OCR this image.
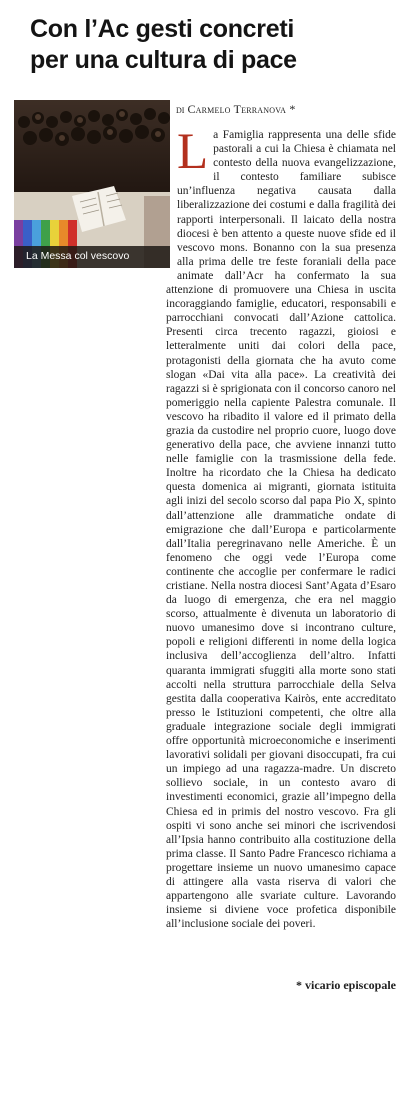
Con l’Ac gesti concreti
per una cultura di pace
La Messa col vescovo
di Carmelo Terranova *
L a Famiglia rappresenta una delle sfide pastorali a cui la Chiesa è chiamata nel contesto della nuova evangelizzazione, il contesto familiare subisce un’influenza negativa causata dalla liberalizzazione dei costumi e dalla fragilità dei rapporti interpersonali. Il laicato della nostra diocesi è ben attento a queste nuove sfide ed il vescovo mons. Bonanno con la sua presenza alla prima delle tre feste foraniali della pace animate dall’Acr ha confermato la sua attenzione di promuovere una Chiesa in uscita incoraggiando famiglie, educatori, responsabili e parrocchiani convocati dall’Azione cattolica. Presenti circa trecento ragazzi, gioiosi e letteralmente uniti dai colori della pace, protagonisti della giornata che ha avuto come slogan «Dai vita alla pace». La creatività dei ragazzi si è sprigionata con il concorso canoro nel pomeriggio nella capiente Palestra comunale. Il vescovo ha ribadito il valore ed il primato della grazia da custodire nel proprio cuore, luogo dove generativo della pace, che avviene innanzi tutto nelle famiglie con la trasmissione della fede. Inoltre ha ricordato che la Chiesa ha dedicato questa domenica ai migranti, giornata istituita agli inizi del secolo scorso dal papa Pio X, spinto dall’attenzione alle drammatiche ondate di emigrazione che dall’Europa e particolarmente dall’Italia peregrinavano nelle Americhe. È un fenomeno che oggi vede l’Europa come continente che accoglie per confermare le radici cristiane. Nella nostra diocesi Sant’Agata d’Esaro da luogo di emergenza, che era nel maggio scorso, attualmente è divenuta un laboratorio di nuovo umanesimo dove si incontrano culture, popoli e religioni differenti in nome della logica inclusiva dell’accoglienza dell’altro. Infatti quaranta immigrati sfuggiti alla morte sono stati accolti nella struttura parrocchiale della Selva gestita dalla cooperativa Kairòs, ente accreditato presso le Istituzioni competenti, che oltre alla graduale integrazione sociale degli immigrati offre opportunità microeconomiche e inserimenti lavorativi solidali per giovani disoccupati, fra cui un impiego ad una ragazza-madre. Un discreto sollievo sociale, in un contesto avaro di investimenti economici, grazie all’impegno della Chiesa ed in primis del nostro vescovo. Fra gli ospiti vi sono anche sei minori che iscrivendosi all’Ipsia hanno contribuito alla costituzione della prima classe. Il Santo Padre Francesco richiama a progettare insieme un nuovo umanesimo capace di attingere alla vasta riserva di valori che appartengono alle svariate culture. Lavorando insieme si diviene voce profetica disponibile all’inclusione sociale dei poveri.

* vicario episcopale
